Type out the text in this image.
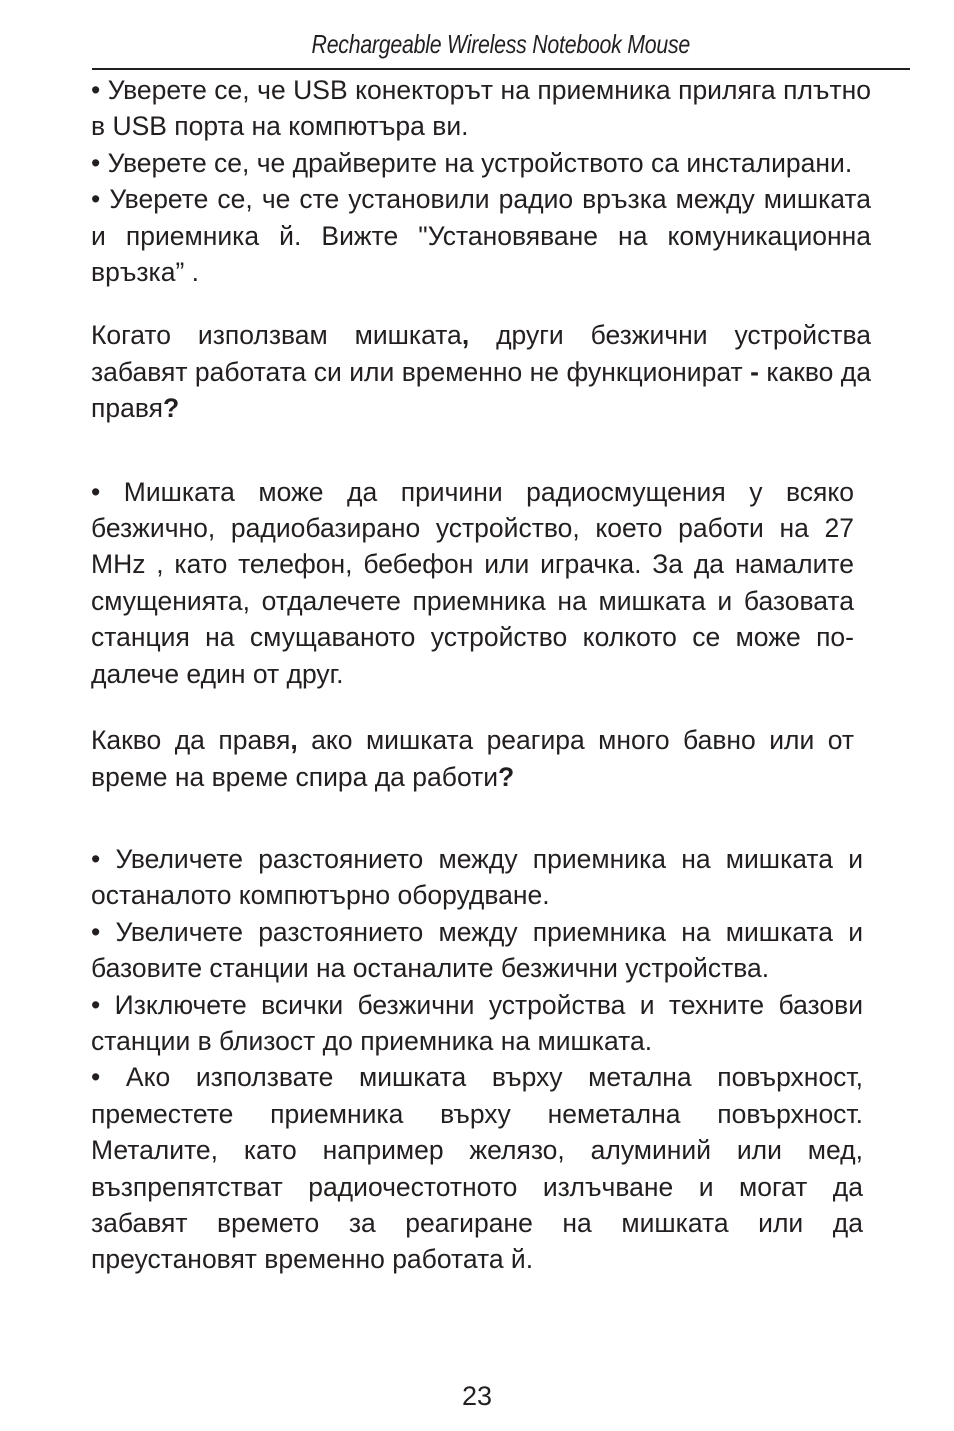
Rechargeable Wireless Notebook Mouse

• Уверете се, че USB конекторът на приемника приляга плътно в USB порта на компютъра ви.

• Уверете се, че драйверите на устройството са инсталирани.

• Уверете се, че сте установили радио връзка между мишката и приемника й. Вижте "Установяване на комуникационна връзка” .

Когато използвам мишката, други безжични устройства забавят работата си или временно не функционират - какво да правя?

• Мишката може да причини радиосмущения у всяко безжично, радиобазирано устройство, което работи на 27 MHz , като телефон, бебефон или играчка. За да намалите смущенията, отдалечете приемника на мишката и базовата станция на смущаваното устройство колкото се може по-далече един от друг.

Какво да правя, ако мишката реагира много бавно или от време на време спира да работи?

• Увеличете разстоянието между приемника на мишката и останалото компютърно оборудване.

• Увеличете разстоянието между приемника на мишката и базовите станции на останалите безжични устройства.

• Изключете всички безжични устройства и техните базови станции в близост до приемника на мишката.

• Ако използвате мишката върху метална повърхност, преместете приемника върху неметална повърхност. Металите, като например желязо, алуминий или мед, възпрепятстват радиочестотното излъчване и могат да забавят времето за реагиране на мишката или да преустановят временно работата й.

23
